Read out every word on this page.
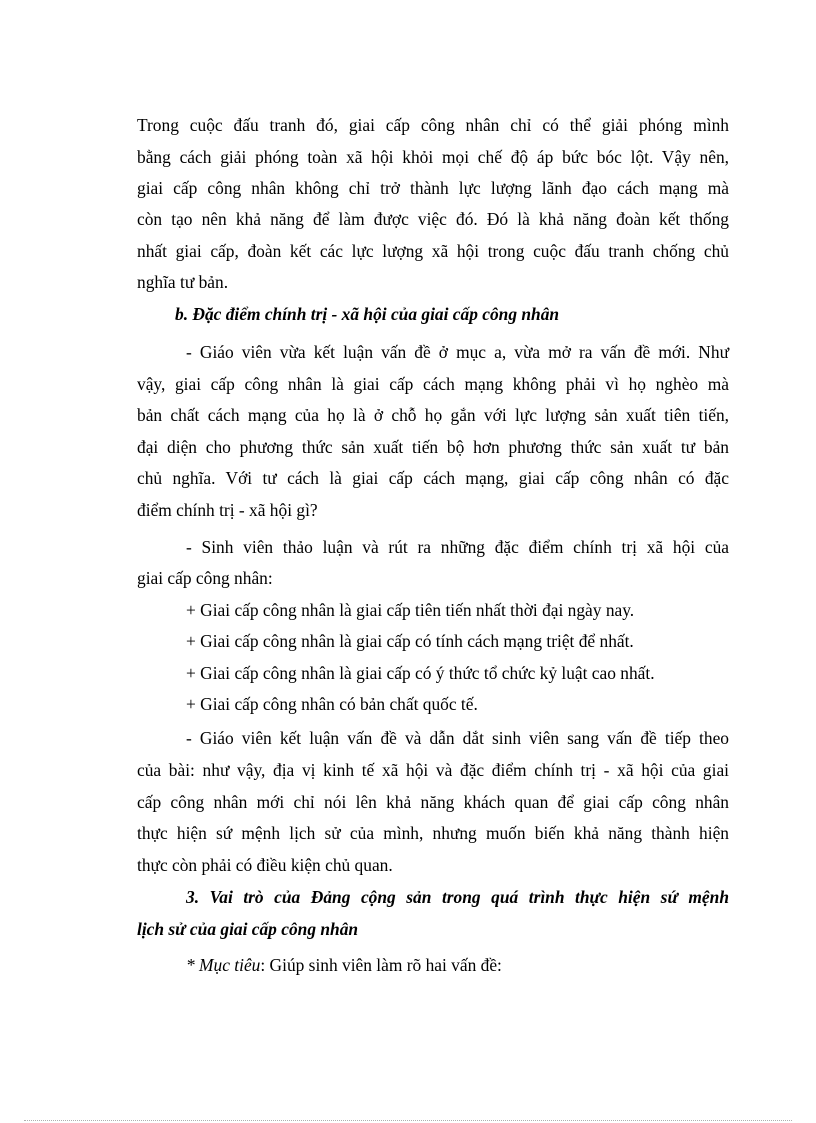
Trong cuộc đấu tranh đó, giai cấp công nhân chỉ có thể giải phóng mình
bằng cách giải phóng toàn xã hội khỏi mọi chế độ áp bức bóc lột. Vậy nên,
giai cấp công nhân không chỉ trở thành lực lượng lãnh đạo cách mạng mà
còn tạo nên khả năng để làm được việc đó. Đó là khả năng đoàn kết thống
nhất giai cấp, đoàn kết các lực lượng xã hội trong cuộc đấu tranh chống chủ
nghĩa tư bản.
b. Đặc điểm chính trị - xã hội của giai cấp công nhân
- Giáo viên vừa kết luận vấn đề ở mục a, vừa mở ra vấn đề mới. Như
vậy, giai cấp công nhân là giai cấp cách mạng không phải vì họ nghèo mà
bản chất cách mạng của họ là ở chỗ họ gắn với lực lượng sản xuất tiên tiến,
đại diện cho phương thức sản xuất tiến bộ hơn phương thức sản xuất tư bản
chủ nghĩa. Với tư cách là giai cấp cách mạng, giai cấp công nhân có đặc
điểm chính trị - xã hội gì?
- Sinh viên thảo luận và rút ra những đặc điểm chính trị xã hội của
giai cấp công nhân:
+ Giai cấp công nhân là giai cấp tiên tiến nhất thời đại ngày nay.
+ Giai cấp công nhân là giai cấp có tính cách mạng triệt để nhất.
+ Giai cấp công nhân là giai cấp có ý thức tổ chức kỷ luật cao nhất.
+ Giai cấp công nhân có bản chất quốc tế.
- Giáo viên kết luận vấn đề và dẫn dắt sinh viên sang vấn đề tiếp theo
của bài: như vậy, địa vị kinh tế xã hội và đặc điểm chính trị - xã hội của giai
cấp công nhân mới chỉ nói lên khả năng khách quan để giai cấp công nhân
thực hiện sứ mệnh lịch sử của mình, nhưng muốn biến khả năng thành hiện
thực còn phải có điều kiện chủ quan.
3. Vai trò của Đảng cộng sản trong quá trình thực hiện sứ mệnh
lịch sử của giai cấp công nhân
* Mục tiêu: Giúp sinh viên làm rõ hai vấn đề:
